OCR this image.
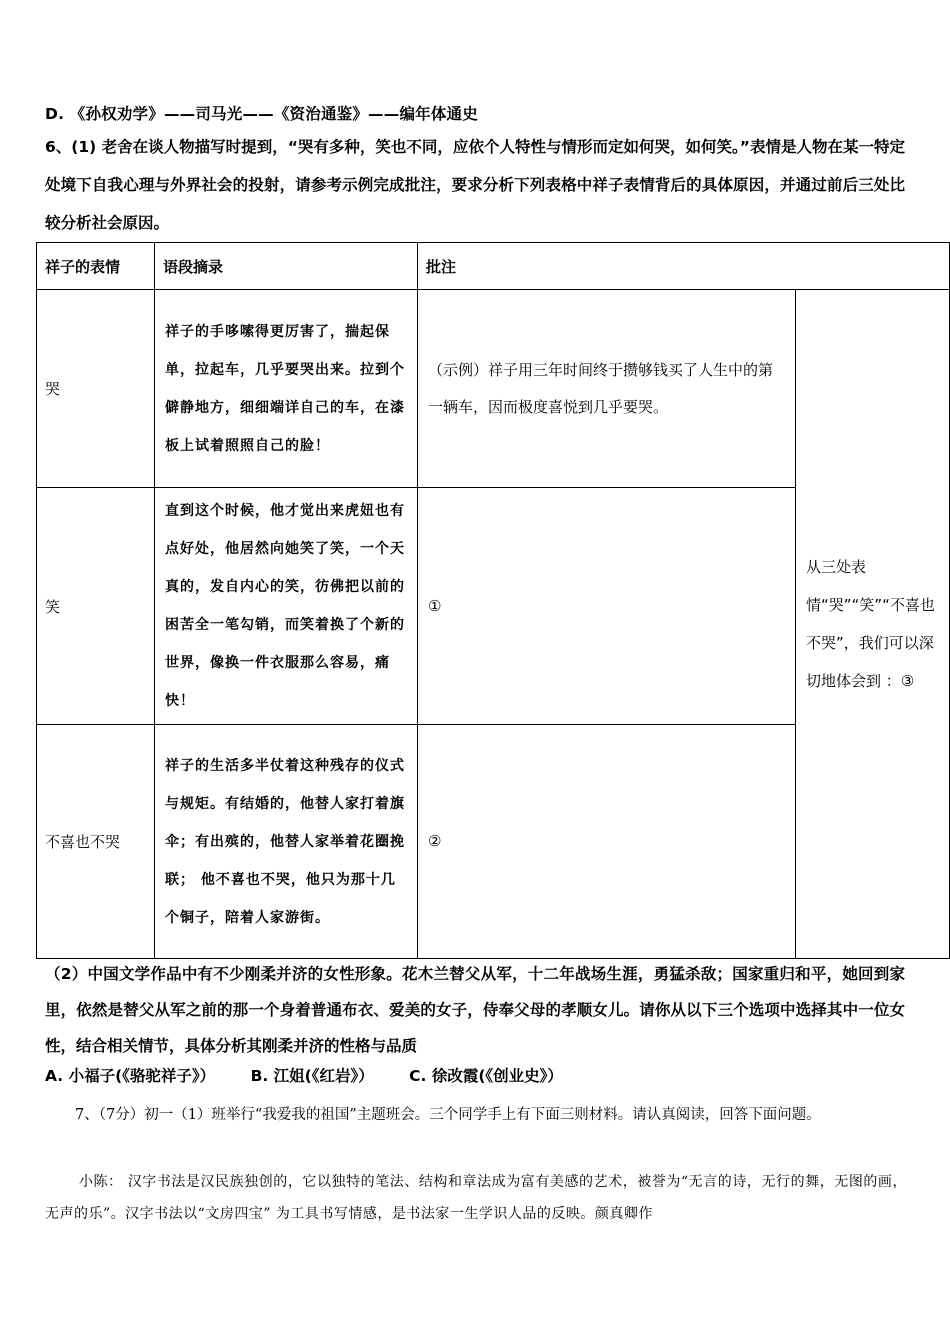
D. 《孙权劝学》——司马光——《资治通鉴》——编年体通史
6、(1) 老舍在谈人物描写时提到，“哭有多种，笑也不同，应依个人特性与情形而定如何哭，如何笑。”表情是人物在某一特定处境下自我心理与外界社会的投射，请参考示例完成批注，要求分析下列表格中祥子表情背后的具体原因，并通过前后三处比较分析社会原因。
祥子的表情	语段摘录	批注	
哭	祥子的手哆嗦得更厉害了，揣起保单，拉起车，几乎要哭出来。拉到个僻静地方，细细端详自己的车，在漆板上试着照照自己的脸！	（示例）祥子用三年时间终于攒够钱买了人生中的第一辆车，因而极度喜悦到几乎要哭。	从三处表情“哭”“笑”“不喜也不哭”，我们可以深切地体会到 ：③
笑	直到这个时候，他才觉出来虎妞也有点好处，他居然向她笑了笑，一个天真的，发自内心的笑，彷佛把以前的困苦全一笔勾销，而笑着换了个新的世界，像换一件衣服那么容易，痛快！	①	
不喜也不哭	祥子的生活多半仗着这种残存的仪式与规矩。有结婚的，他替人家打着旗伞；有出殡的，他替人家举着花圈挽联； 他不喜也不哭，他只为那十几个铜子，陪着人家游街。	②	
（2）中国文学作品中有不少刚柔并济的女性形象。花木兰替父从军，十二年战场生涯，勇猛杀敌；国家重归和平，她回到家里，依然是替父从军之前的那一个身着普通布衣、爱美的女子，侍奉父母的孝顺女儿。请你从以下三个选项中选择其中一位女性，结合相关情节，具体分析其刚柔并济的性格与品质
A. 小福子(《骆驼祥子》） B. 江姐(《红岩》） C. 徐改霞(《创业史》）
7、（7分）初一（1）班举行“我爱我的祖国”主题班会。三个同学手上有下面三则材料。请认真阅读，回答下面问题。
小陈： 汉字书法是汉民族独创的，它以独特的笔法、结构和章法成为富有美感的艺术，被誉为“无言的诗，无行的舞，无图的画，无声的乐”。汉字书法以“文房四宝” 为工具书写情感，是书法家一生学识人品的反映。颜真卿作
